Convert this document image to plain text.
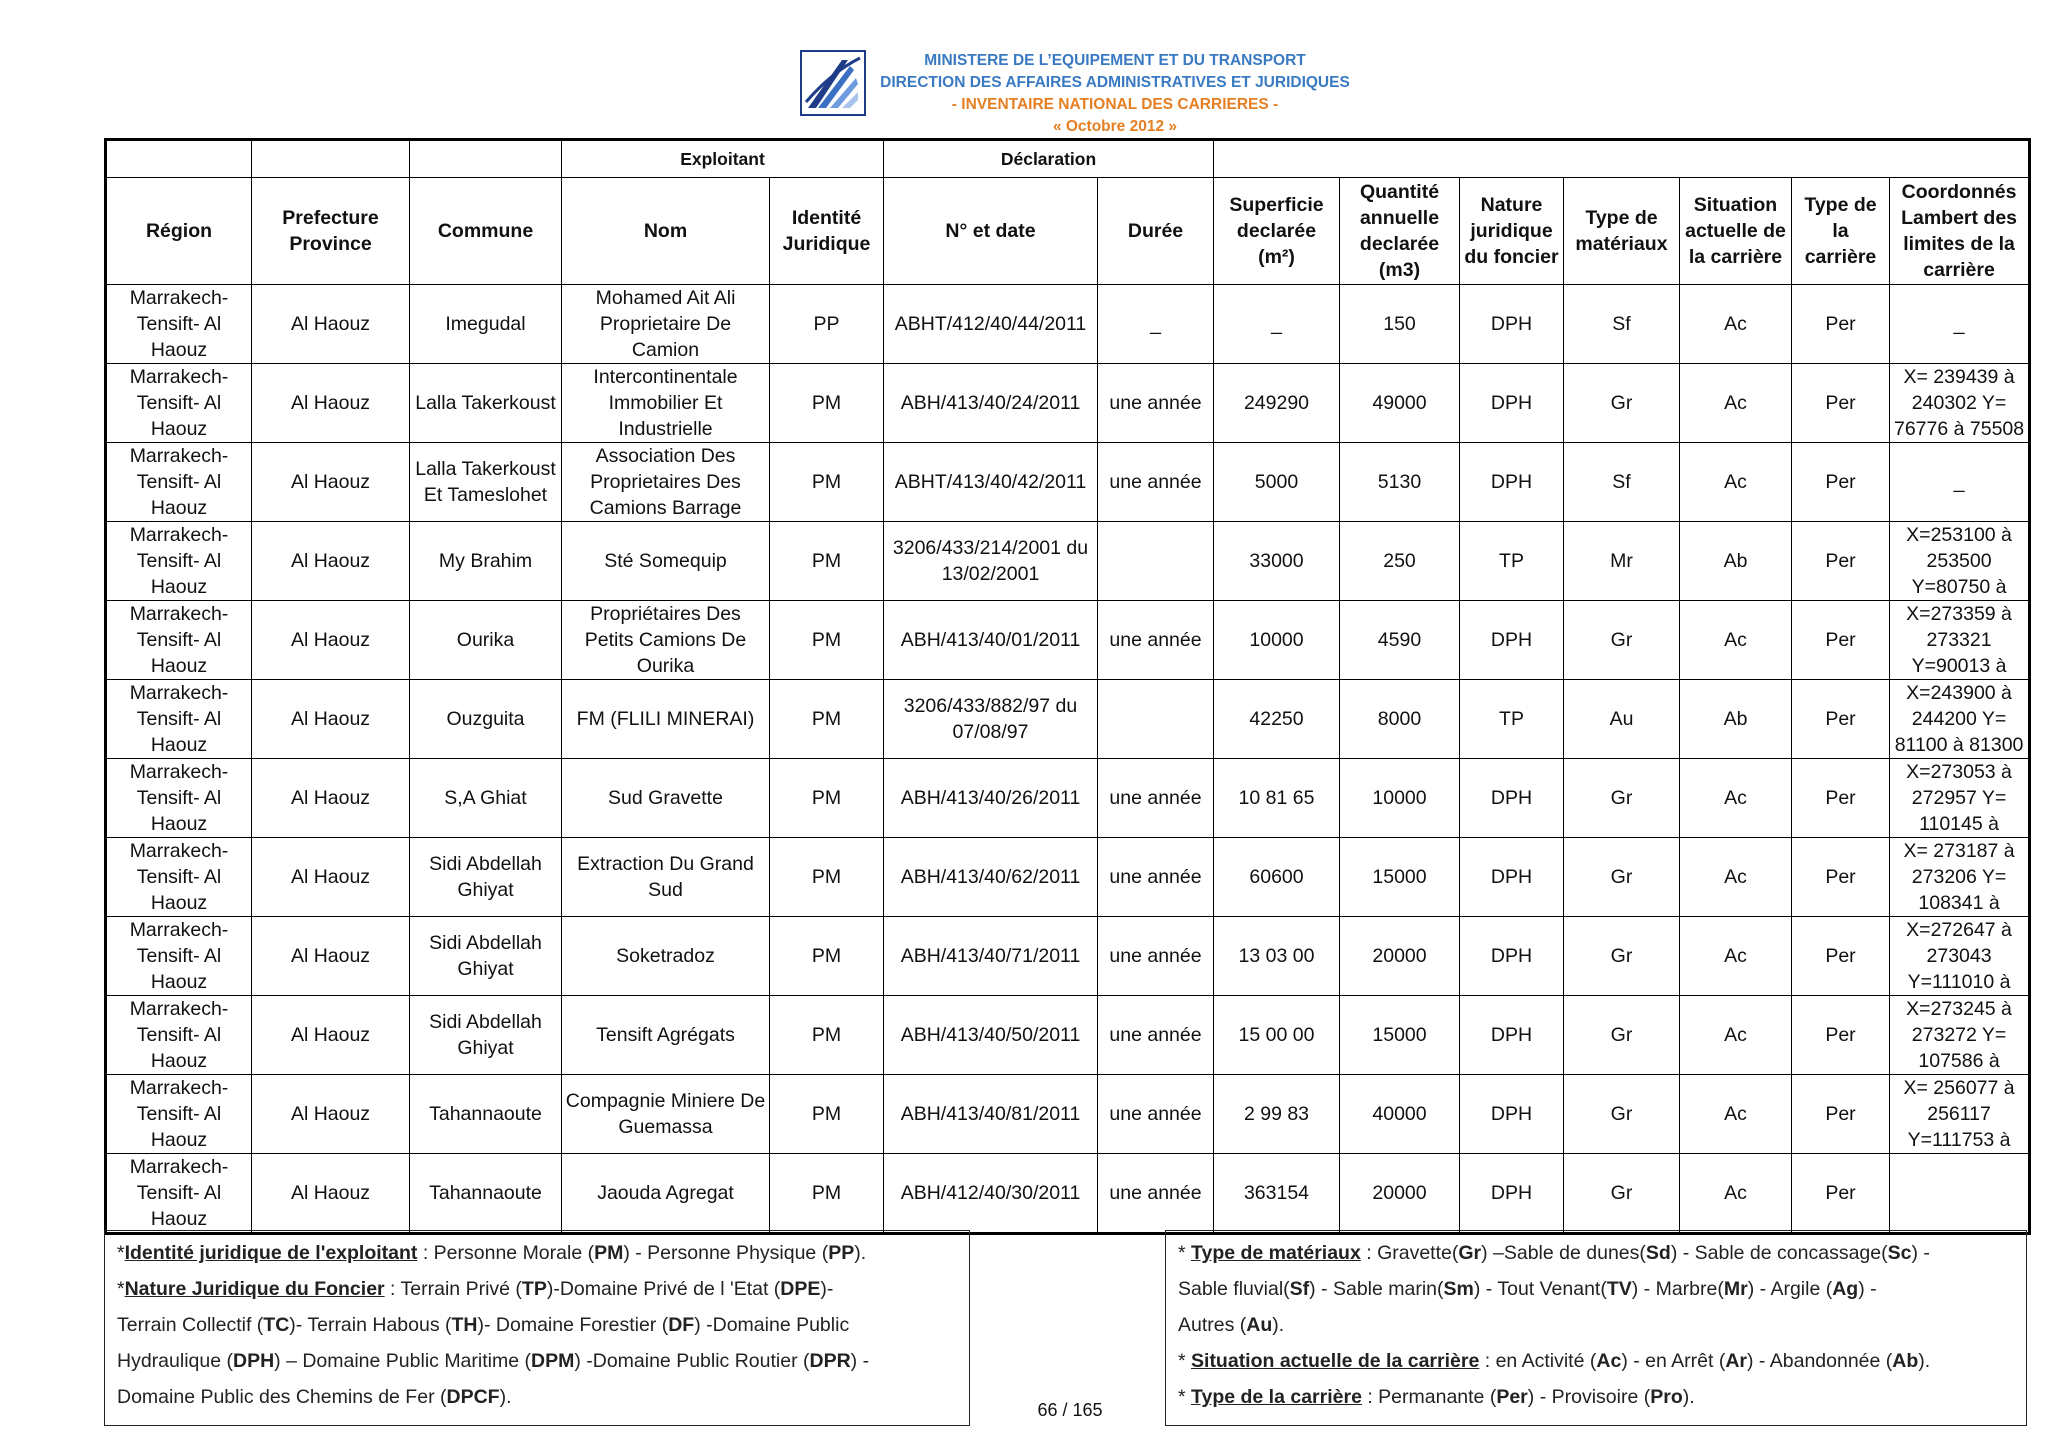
MINISTERE DE L’EQUIPEMENT ET DU TRANSPORT
DIRECTION DES AFFAIRES ADMINISTRATIVES ET JURIDIQUES
- INVENTAIRE NATIONAL DES CARRIERES -
« Octobre 2012 »
			Exploitant		Déclaration								
Région	Prefecture Province	Commune	Nom	Identité Juridique	N° et date	Durée	Superficie declarée (m²)	Quantité annuelle declarée (m3)	Nature juridique du foncier	Type de matériaux	Situation actuelle de la carrière	Type de la carrière	Coordonnés Lambert des limites de la carrière
Marrakech-Tensift- Al Haouz	Al Haouz	Imegudal	Mohamed Ait Ali Proprietaire De Camion	PP	ABHT/412/40/44/2011	_	_	150	DPH	Sf	Ac	Per	_
Marrakech-Tensift- Al Haouz	Al Haouz	Lalla Takerkoust	Intercontinentale Immobilier Et Industrielle	PM	ABH/413/40/24/2011	une année	249290	49000	DPH	Gr	Ac	Per	X= 239439 à 240302 Y= 76776 à 75508
Marrakech-Tensift- Al Haouz	Al Haouz	Lalla Takerkoust Et Tameslohet	Association Des Proprietaires Des Camions Barrage	PM	ABHT/413/40/42/2011	une année	5000	5130	DPH	Sf	Ac	Per	_
Marrakech-Tensift- Al Haouz	Al Haouz	My Brahim	Sté Somequip	PM	3206/433/214/2001 du 13/02/2001		33000	250	TP	Mr	Ab	Per	X=253100 à 253500 Y=80750 à
Marrakech-Tensift- Al Haouz	Al Haouz	Ourika	Propriétaires Des Petits Camions De Ourika	PM	ABH/413/40/01/2011	une année	10000	4590	DPH	Gr	Ac	Per	X=273359 à 273321 Y=90013 à
Marrakech-Tensift- Al Haouz	Al Haouz	Ouzguita	FM (FLILI MINERAI)	PM	3206/433/882/97 du 07/08/97		42250	8000	TP	Au	Ab	Per	X=243900 à 244200 Y= 81100 à 81300
Marrakech-Tensift- Al Haouz	Al Haouz	S,A Ghiat	Sud Gravette	PM	ABH/413/40/26/2011	une année	10 81 65	10000	DPH	Gr	Ac	Per	X=273053 à 272957 Y= 110145 à
Marrakech-Tensift- Al Haouz	Al Haouz	Sidi Abdellah Ghiyat	Extraction Du Grand Sud	PM	ABH/413/40/62/2011	une année	60600	15000	DPH	Gr	Ac	Per	X= 273187 à 273206 Y= 108341 à
Marrakech-Tensift- Al Haouz	Al Haouz	Sidi Abdellah Ghiyat	Soketradoz	PM	ABH/413/40/71/2011	une année	13 03 00	20000	DPH	Gr	Ac	Per	X=272647 à 273043 Y=111010 à
Marrakech-Tensift- Al Haouz	Al Haouz	Sidi Abdellah Ghiyat	Tensift Agrégats	PM	ABH/413/40/50/2011	une année	15 00 00	15000	DPH	Gr	Ac	Per	X=273245 à 273272 Y= 107586 à
Marrakech-Tensift- Al Haouz	Al Haouz	Tahannaoute	Compagnie Miniere De Guemassa	PM	ABH/413/40/81/2011	une année	2 99 83	40000	DPH	Gr	Ac	Per	X= 256077 à 256117 Y=111753 à
Marrakech-Tensift- Al Haouz	Al Haouz	Tahannaoute	Jaouda Agregat	PM	ABH/412/40/30/2011	une année	363154	20000	DPH	Gr	Ac	Per	
*Identité juridique de l'exploitant : Personne Morale (PM) - Personne Physique (PP).
*Nature Juridique du Foncier : Terrain Privé (TP)-Domaine Privé de l 'Etat (DPE)-
Terrain Collectif (TC)- Terrain Habous (TH)- Domaine Forestier (DF) -Domaine Public
Hydraulique (DPH) – Domaine Public Maritime (DPM) -Domaine Public Routier (DPR) -
Domaine Public des Chemins de Fer (DPCF).
* Type de matériaux : Gravette(Gr) –Sable de dunes(Sd) - Sable de concassage(Sc) -
Sable fluvial(Sf) - Sable marin(Sm) - Tout Venant(TV) - Marbre(Mr) - Argile (Ag) -
Autres (Au).
* Situation actuelle de la carrière : en Activité (Ac) - en Arrêt (Ar) - Abandonnée (Ab).
* Type de la carrière : Permanante (Per) - Provisoire (Pro).
66 / 165
